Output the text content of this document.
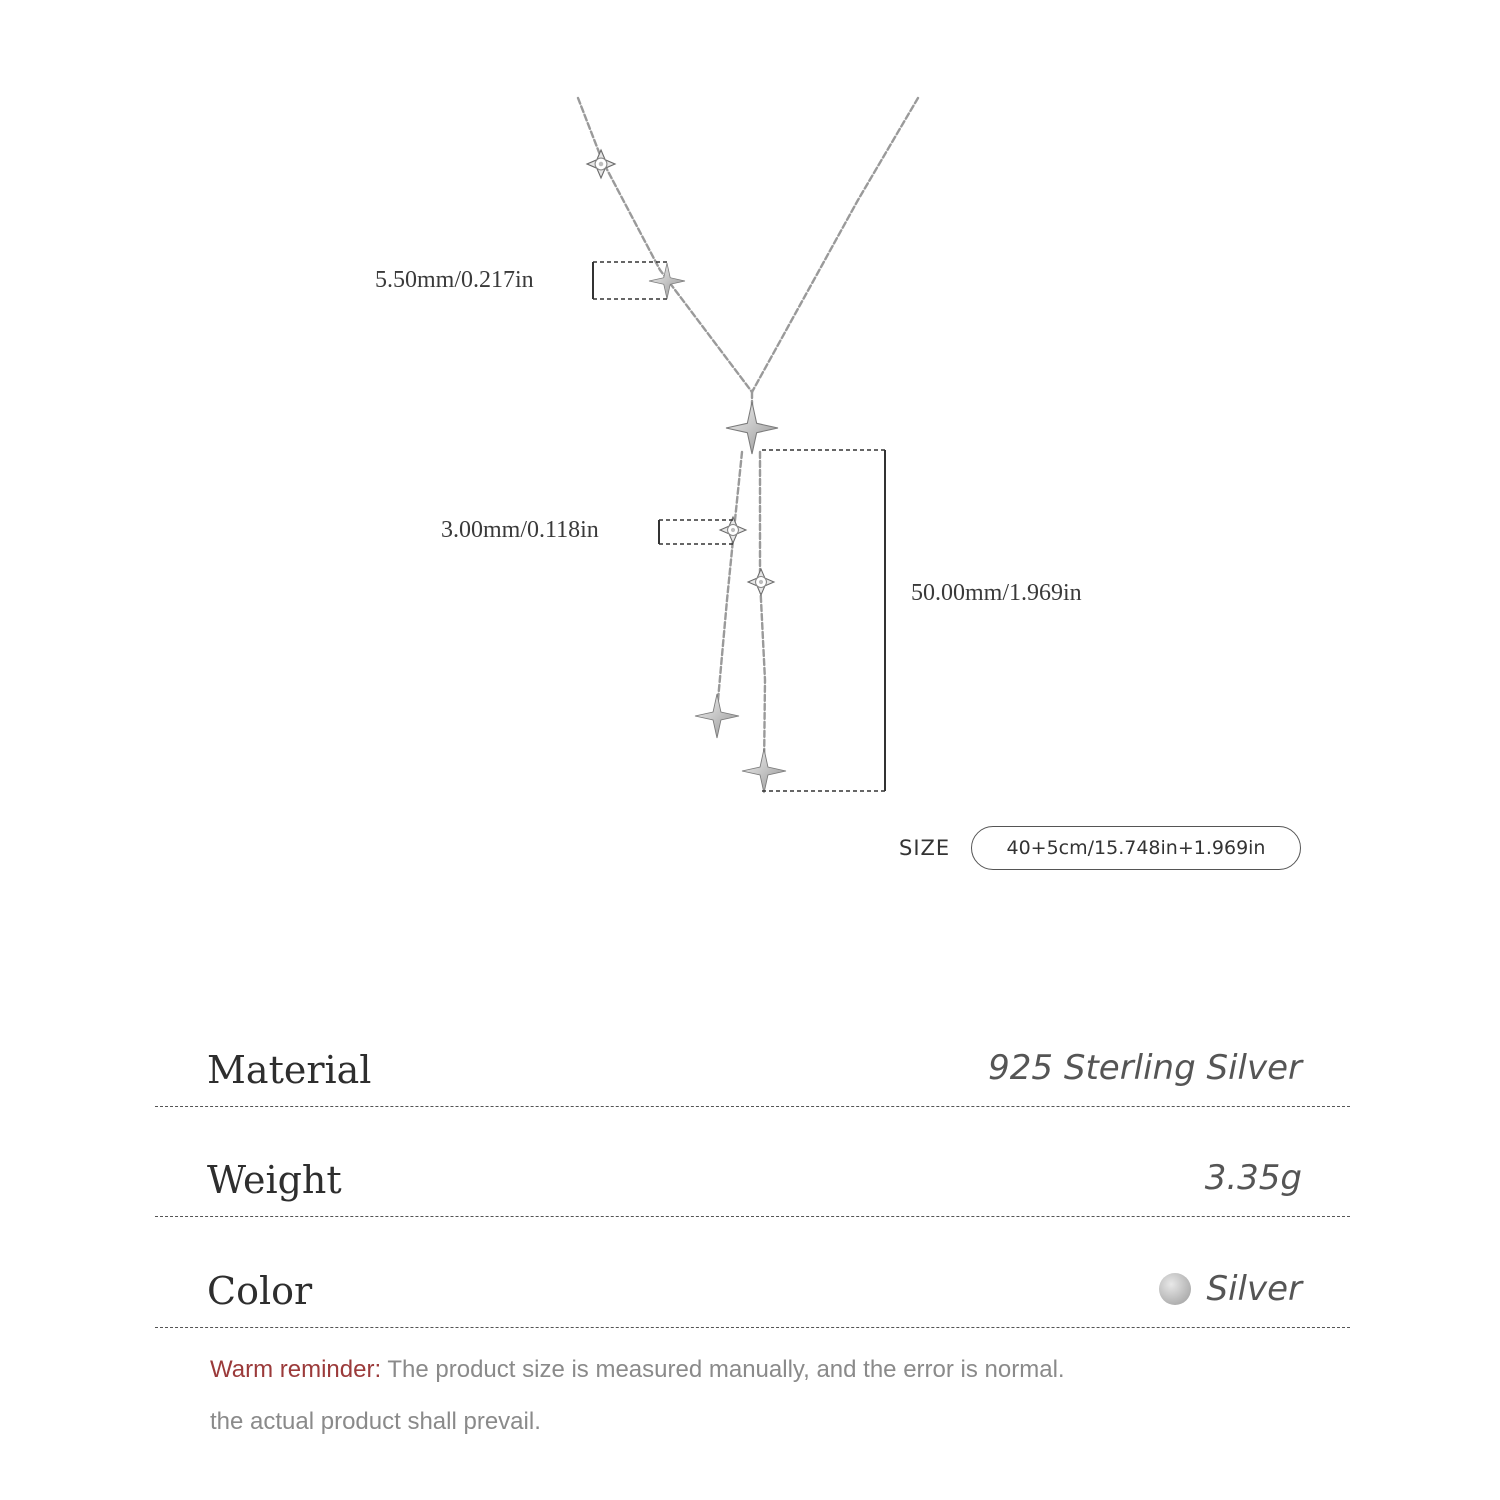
5.50mm/0.217in
3.00mm/0.118in
50.00mm/1.969in
SIZE	40+5cm/15.748in+1.969in
Material	925 Sterling Silver
Weight	3.35g
Color	Silver
Warm reminder: The product size is measured manually, and the error is normal.
the actual product shall prevail.
